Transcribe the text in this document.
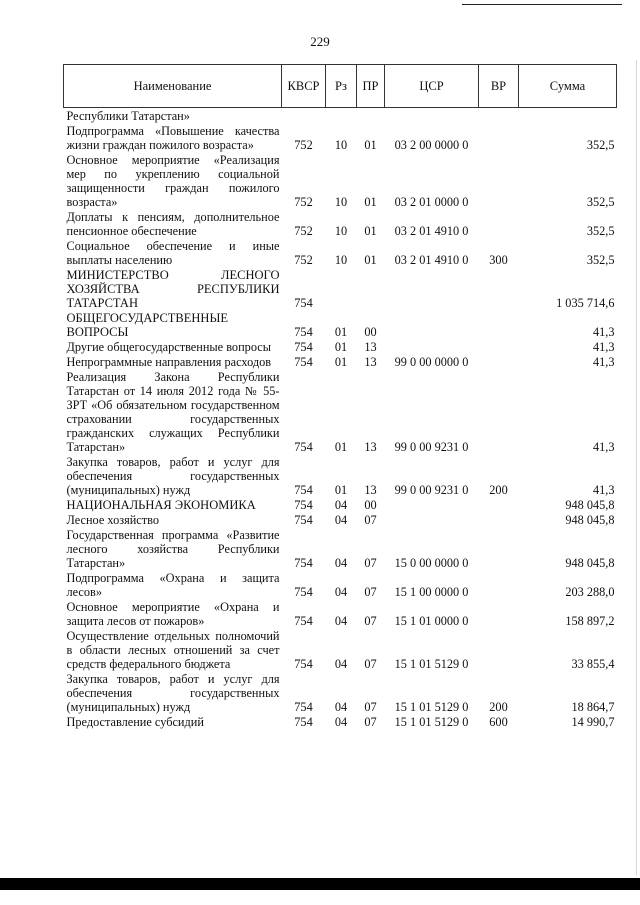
229
Наименование	КВСР	Рз	ПР	ЦСР	ВР	Сумма
Республики Татарстан»						
Подпрограмма «Повышение качества жизни граждан пожилого возраста»	752	10	01	03 2 00 0000 0		352,5
Основное мероприятие «Реализация мер по укреплению социальной защищенности граждан пожилого возраста»	752	10	01	03 2 01 0000 0		352,5
Доплаты к пенсиям, дополнительное пенсионное обеспечение	752	10	01	03 2 01 4910 0		352,5
Социальное обеспечение и иные выплаты населению	752	10	01	03 2 01 4910 0	300	352,5
МИНИСТЕРСТВО ЛЕСНОГО ХОЗЯЙСТВА РЕСПУБЛИКИ ТАТАРСТАН	754					1 035 714,6
ОБЩЕГОСУДАРСТВЕННЫЕ ВОПРОСЫ	754	01	00			41,3
Другие общегосударственные вопросы	754	01	13			41,3
Непрограммные направления расходов	754	01	13	99 0 00 0000 0		41,3
Реализация Закона Республики Татарстан от 14 июля 2012 года № 55-ЗРТ «Об обязательном государственном страховании государственных гражданских служащих Республики Татарстан»	754	01	13	99 0 00 9231 0		41,3
Закупка товаров, работ и услуг для обеспечения государственных (муниципальных) нужд	754	01	13	99 0 00 9231 0	200	41,3
НАЦИОНАЛЬНАЯ ЭКОНОМИКА	754	04	00			948 045,8
Лесное хозяйство	754	04	07			948 045,8
Государственная программа «Развитие лесного хозяйства Республики Татарстан»	754	04	07	15 0 00 0000 0		948 045,8
Подпрограмма «Охрана и защита лесов»	754	04	07	15 1 00 0000 0		203 288,0
Основное мероприятие «Охрана и защита лесов от пожаров»	754	04	07	15 1 01 0000 0		158 897,2
Осуществление отдельных полномочий в области лесных отношений за счет средств федерального бюджета	754	04	07	15 1 01 5129 0		33 855,4
Закупка товаров, работ и услуг для обеспечения государственных (муниципальных) нужд	754	04	07	15 1 01 5129 0	200	18 864,7
Предоставление субсидий	754	04	07	15 1 01 5129 0	600	14 990,7
